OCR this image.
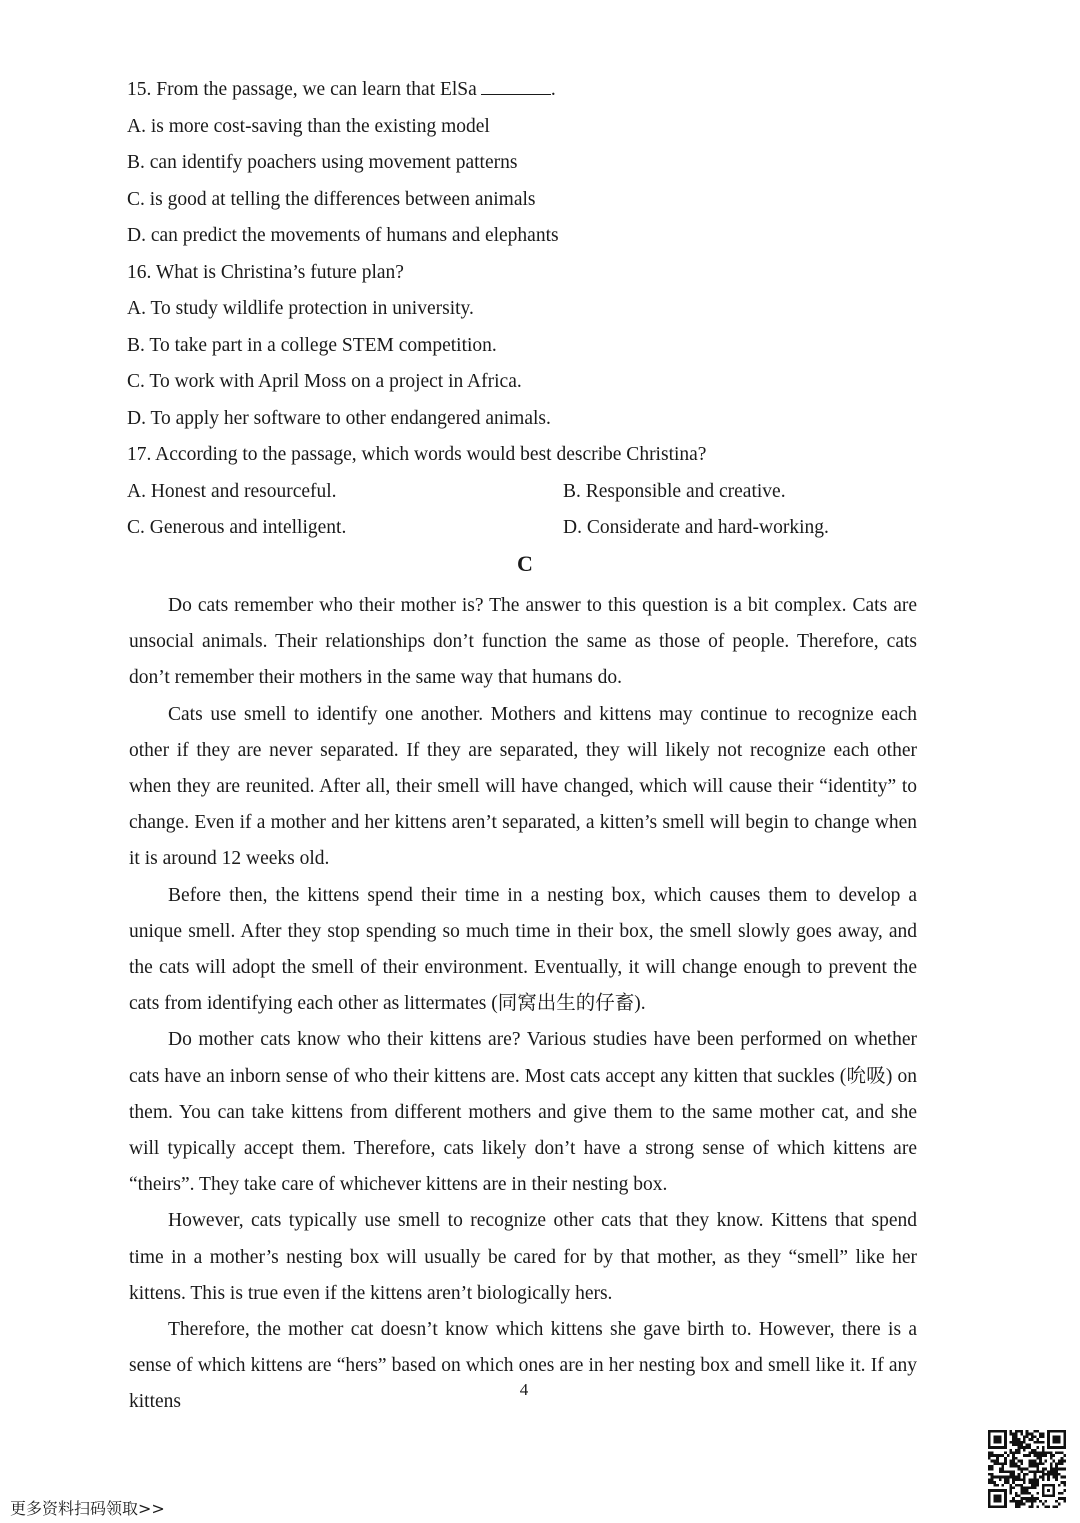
15. From the passage, we can learn that ElSa	.
A. is more cost-saving than the existing model
B. can identify poachers using movement patterns
C. is good at telling the differences between animals
D. can predict the movements of humans and elephants
16. What is Christina’s future plan?
A. To study wildlife protection in university.
B. To take part in a college STEM competition.
C. To work with April Moss on a project in Africa.
D. To apply her software to other endangered animals.
17. According to the passage, which words would best describe Christina?
A. Honest and resourceful.	B. Responsible and creative.
C. Generous and intelligent.	D. Considerate and hard-working.
C

Do cats remember who their mother is? The answer to this question is a bit complex. Cats are unsocial animals. Their relationships don’t function the same as those of people. Therefore, cats don’t remember their mothers in the same way that humans do.

Cats use smell to identify one another. Mothers and kittens may continue to recognize each other if they are never separated. If they are separated, they will likely not recognize each other when they are reunited. After all, their smell will have changed, which will cause their “identity” to change. Even if a mother and her kittens aren’t separated, a kitten’s smell will begin to change when it is around 12 weeks old.

Before then, the kittens spend their time in a nesting box, which causes them to develop a unique smell. After they stop spending so much time in their box, the smell slowly goes away, and the cats will adopt the smell of their environment. Eventually, it will change enough to prevent the cats from identifying each other as littermates (同窝出生的仔畜).

Do mother cats know who their kittens are? Various studies have been performed on whether cats have an inborn sense of who their kittens are. Most cats accept any kitten that suckles (吮吸) on them. You can take kittens from different mothers and give them to the same mother cat, and she will typically accept them. Therefore, cats likely don’t have a strong sense of which kittens are “theirs”. They take care of whichever kittens are in their nesting box.

However, cats typically use smell to recognize other cats that they know. Kittens that spend time in a mother’s nesting box will usually be cared for by that mother, as they “smell” like her kittens. This is true even if the kittens aren’t biologically hers.

Therefore, the mother cat doesn’t know which kittens she gave birth to. However, there is a sense of which kittens are “hers” based on which ones are in her nesting box and smell like it. If any kittens

4
更多资料扫码领取>>
